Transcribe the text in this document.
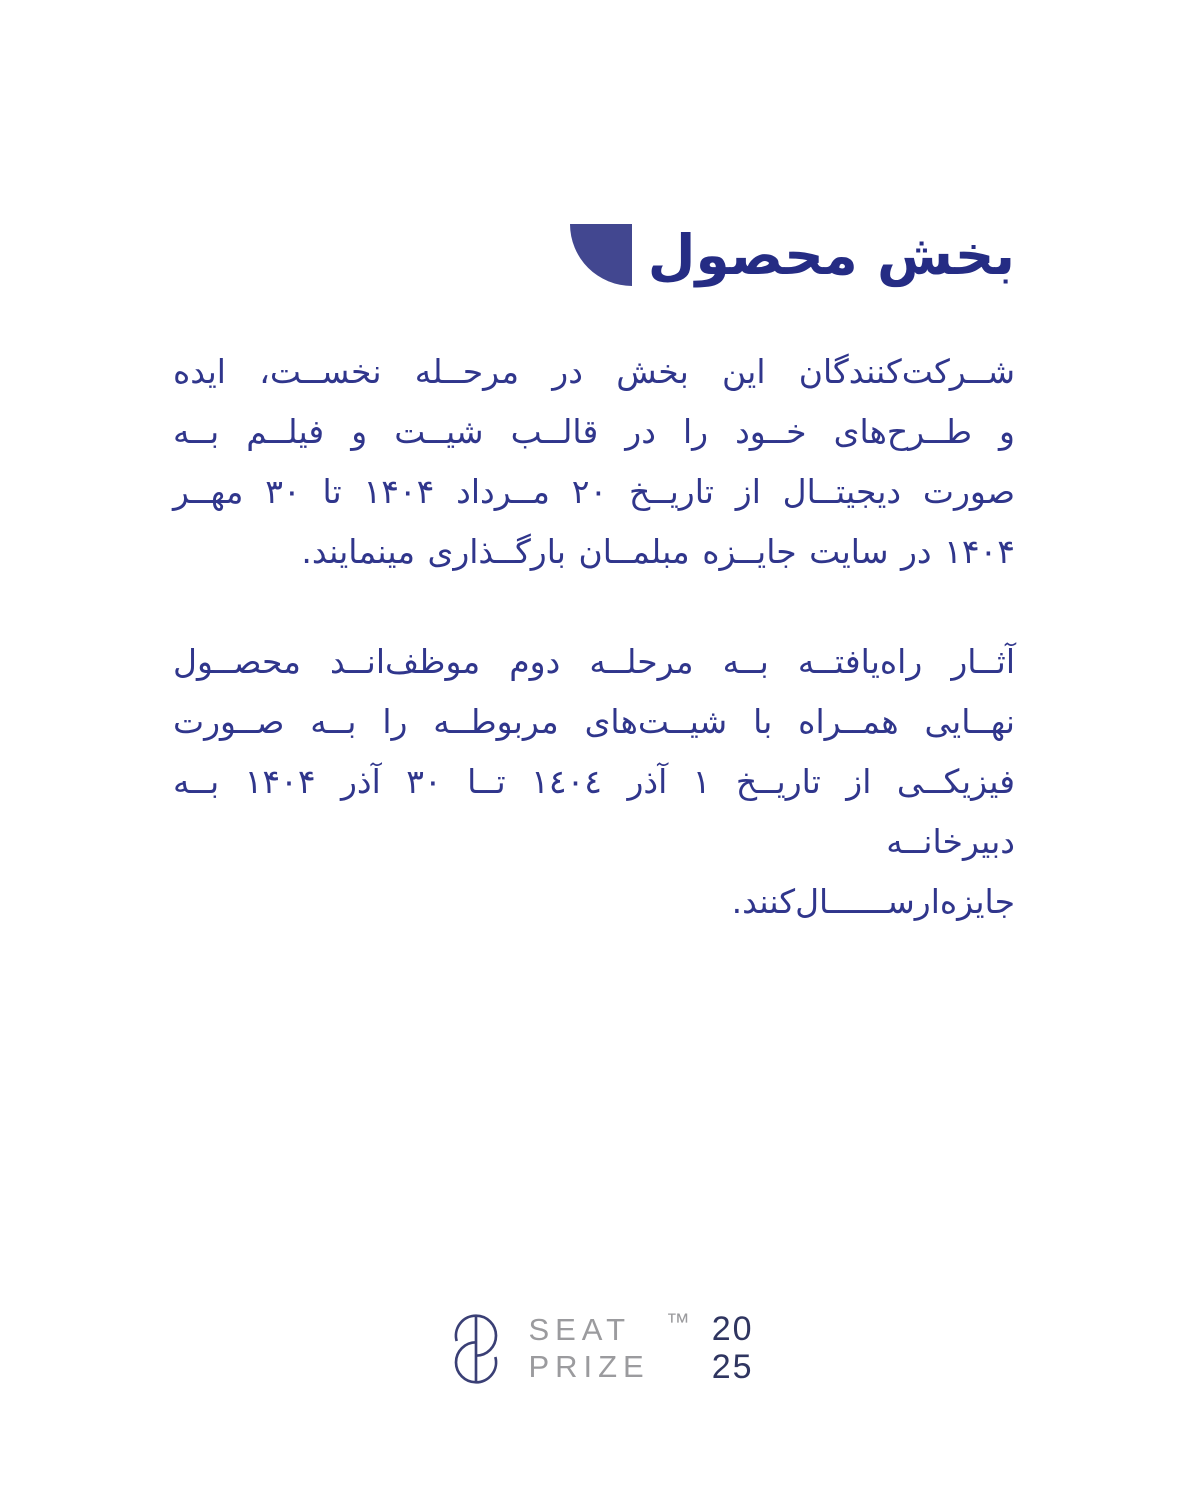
بخش محصول
شــرکت‌کنندگان این بخش در مرحــله نخســت، ایده
و طــرح‌های خــود را در قالــب شیــت و فیلــم بــه
صورت دیجیتــال از تاریــخ ۲۰ مــرداد ۱۴۰۴ تا ۳۰ مهــر
۱۴۰۴ در سایت جایــزه مبلمــان بارگــذاری مینمایند.
آثــار راه‌یافتــه بــه مرحلــه دوم موظف‌انــد محصــول
نهــایی همــراه با شیــت‌های مربوطــه را بــه صــورت
فیزیکــی از تاریــخ ۱ آذر ١٤٠٤ تــا ۳۰ آذر ۱۴۰۴ بــه دبیرخانــه
جایزه‌ارســــــال‌کنند.
SEAT
PRIZE
™ 20
25
